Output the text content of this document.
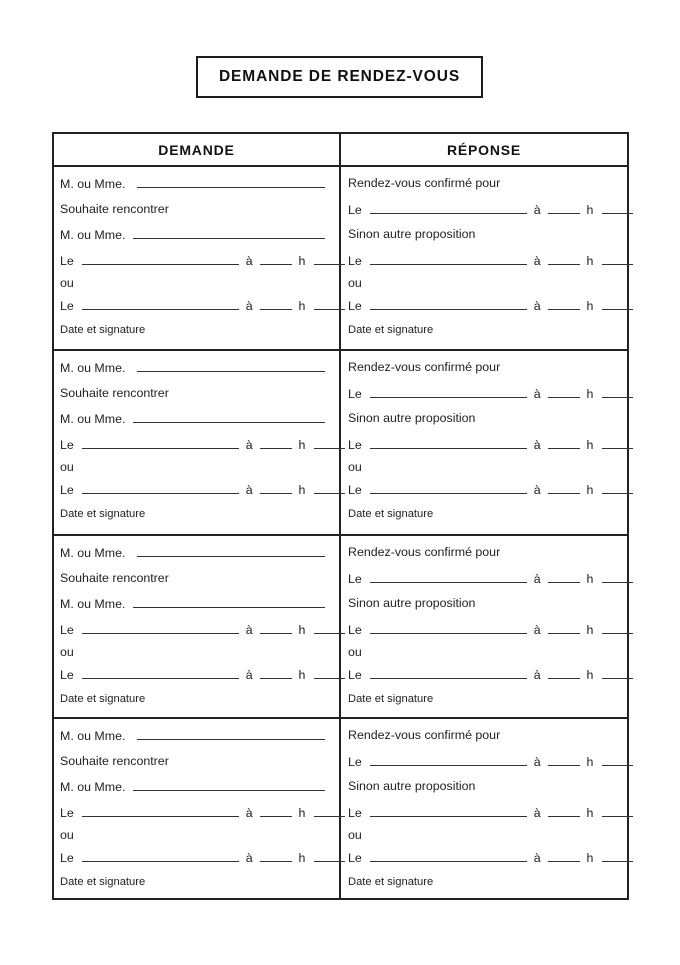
DEMANDE DE RENDEZ-VOUS
DEMANDE	RÉPONSE
M. ou Mme.
Souhaite rencontrer
M. ou Mme.
Le	à	h
ou
Le	à	h
Date et signature
Rendez-vous confirmé pour
Le	à	h
Sinon autre proposition
Le	à	h
ou
Le	à	h
Date et signature
M. ou Mme.
Souhaite rencontrer
M. ou Mme.
Le	à	h
ou
Le	à	h
Date et signature
Rendez-vous confirmé pour
Le	à	h
Sinon autre proposition
Le	à	h
ou
Le	à	h
Date et signature
M. ou Mme.
Souhaite rencontrer
M. ou Mme.
Le	à	h
ou
Le	à	h
Date et signature
Rendez-vous confirmé pour
Le	à	h
Sinon autre proposition
Le	à	h
ou
Le	à	h
Date et signature
M. ou Mme.
Souhaite rencontrer
M. ou Mme.
Le	à	h
ou
Le	à	h
Date et signature
Rendez-vous confirmé pour
Le	à	h
Sinon autre proposition
Le	à	h
ou
Le	à	h
Date et signature
